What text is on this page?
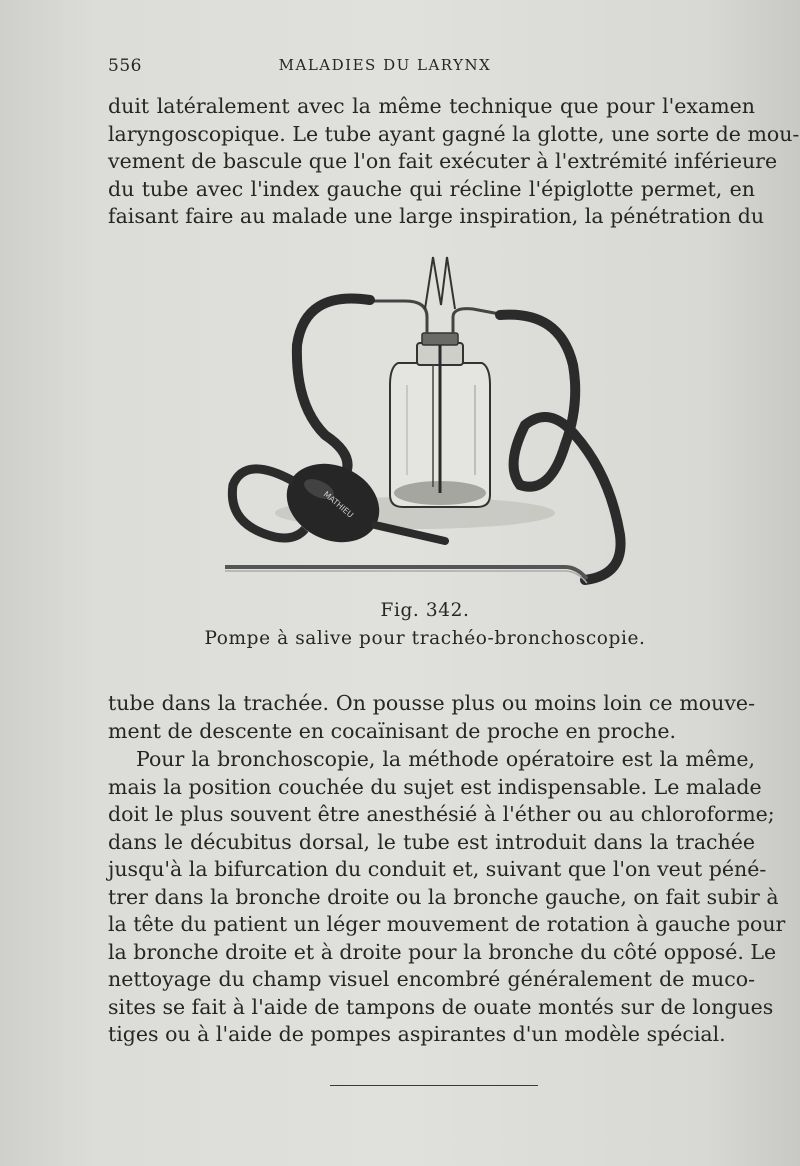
556	MALADIES DU LARYNX
duit latéralement avec la même technique que pour l'examen
laryngoscopique. Le tube ayant gagné la glotte, une sorte de mou-
vement de bascule que l'on fait exécuter à l'extrémité inférieure
du tube avec l'index gauche qui récline l'épiglotte permet, en
faisant faire au malade une large inspiration, la pénétration du
MATHIEU
Fig. 342.
Pompe à salive pour trachéo-bronchoscopie.
tube dans la trachée. On pousse plus ou moins loin ce mouve-
ment de descente en cocaïnisant de proche en proche.
Pour la bronchoscopie, la méthode opératoire est la même,
mais la position couchée du sujet est indispensable. Le malade
doit le plus souvent être anesthésié à l'éther ou au chloroforme;
dans le décubitus dorsal, le tube est introduit dans la trachée
jusqu'à la bifurcation du conduit et, suivant que l'on veut péné-
trer dans la bronche droite ou la bronche gauche, on fait subir à
la tête du patient un léger mouvement de rotation à gauche pour
la bronche droite et à droite pour la bronche du côté opposé. Le
nettoyage du champ visuel encombré généralement de muco-
sites se fait à l'aide de tampons de ouate montés sur de longues
tiges ou à l'aide de pompes aspirantes d'un modèle spécial.
